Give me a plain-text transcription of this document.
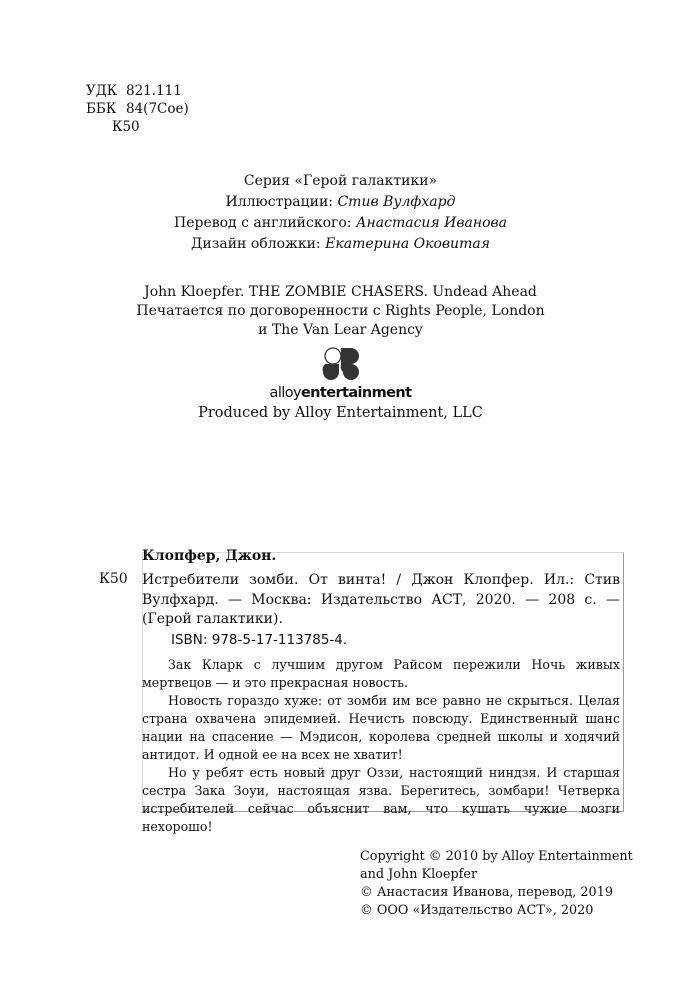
УДК 821.111
ББК 84(7Сое)
К50
Серия «Герой галактики»
Иллюстрации: Стив Вулфхард
Перевод с английского: Анастасия Иванова
Дизайн обложки: Екатерина Оковитая
John Kloepfer. THE ZOMBIE CHASERS. Undead Ahead
Печатается по договоренности с Rights People, London
и The Van Lear Agency
alloyentertainment
Produced by Alloy Entertainment, LLC
Клопфер, Джон.
К50 Истребители зомби. От винта! / Джон Клопфер. Ил.: Стив Вулфхард. — Москва: Издательство АСТ, 2020. — 208 с. — (Герой галактики).
ISBN: 978-5-17-113785-4.

Зак Кларк с лучшим другом Райсом пережили Ночь живых мертвецов — и это прекрасная новость.

Новость гораздо хуже: от зомби им все равно не скрыться. Целая страна охвачена эпидемией. Нечисть повсюду. Единственный шанс нации на спасение — Мэдисон, королева средней школы и ходячий антидот. И одной ее на всех не хватит!

Но у ребят есть новый друг Оззи, настоящий ниндзя. И старшая сестра Зака Зоуи, настоящая язва. Берегитесь, зомбари! Четверка истребителей сейчас объяснит вам, что кушать чужие мозги нехорошо!

Copyright © 2010 by Alloy Entertainment
and John Kloepfer
© Анастасия Иванова, перевод, 2019
© ООО «Издательство АСТ», 2020
